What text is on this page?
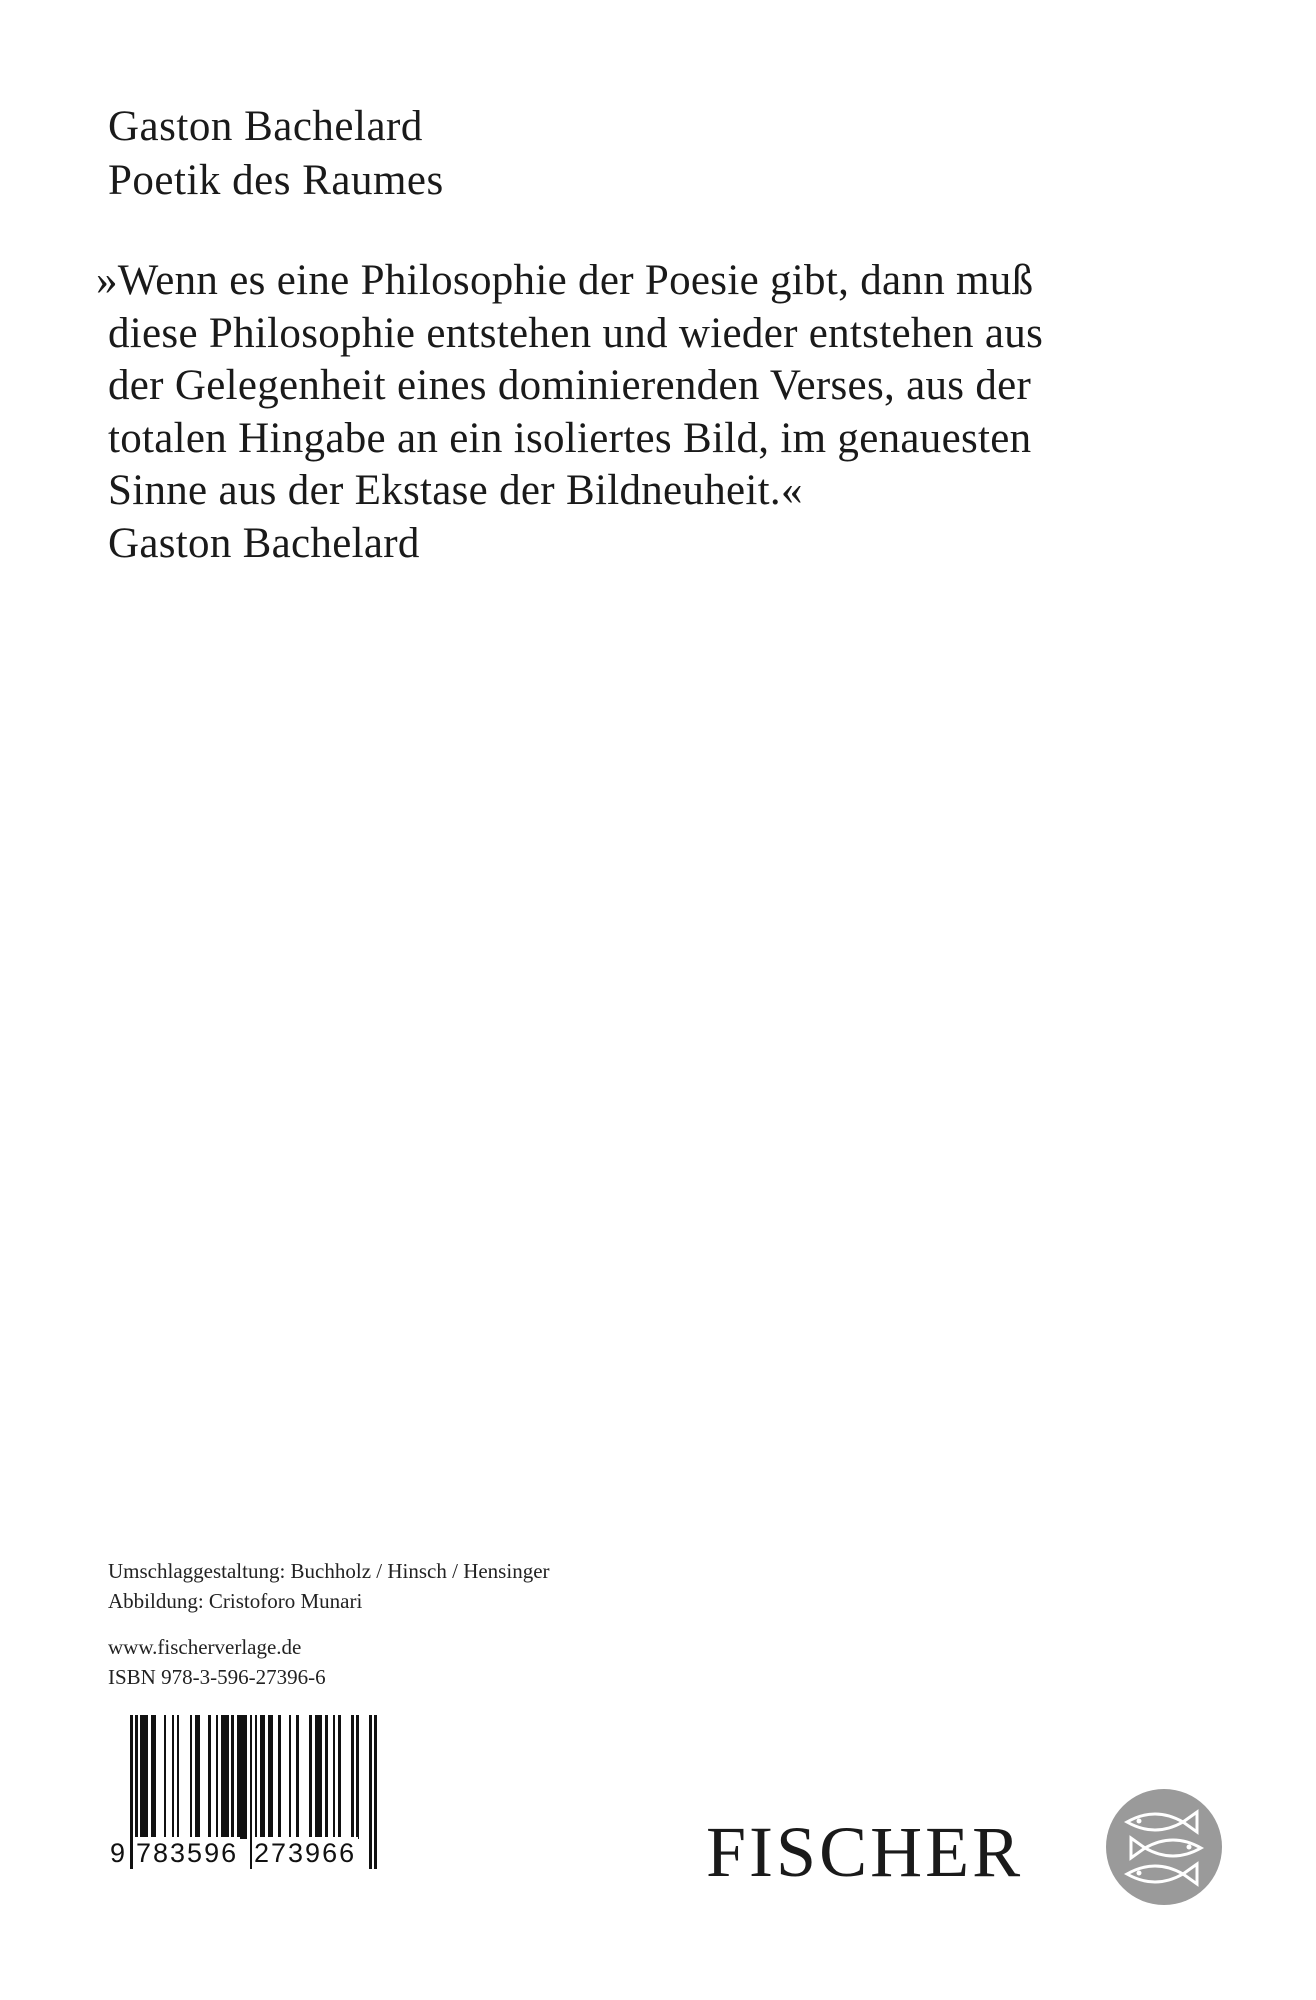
Gaston Bachelard
Poetik des Raumes
»Wenn es eine Philosophie der Poesie gibt, dann muß
diese Philosophie entstehen und wieder entstehen aus
der Gelegenheit eines dominierenden Verses, aus der
totalen Hingabe an ein isoliertes Bild, im genauesten
Sinne aus der Ekstase der Bildneuheit.«
Gaston Bachelard
Umschlaggestaltung: Buchholz / Hinsch / Hensinger
Abbildung: Cristoforo Munari
www.fischerverlage.de
ISBN 978-3-596-27396-6
9 783596 273966	FISCHER
